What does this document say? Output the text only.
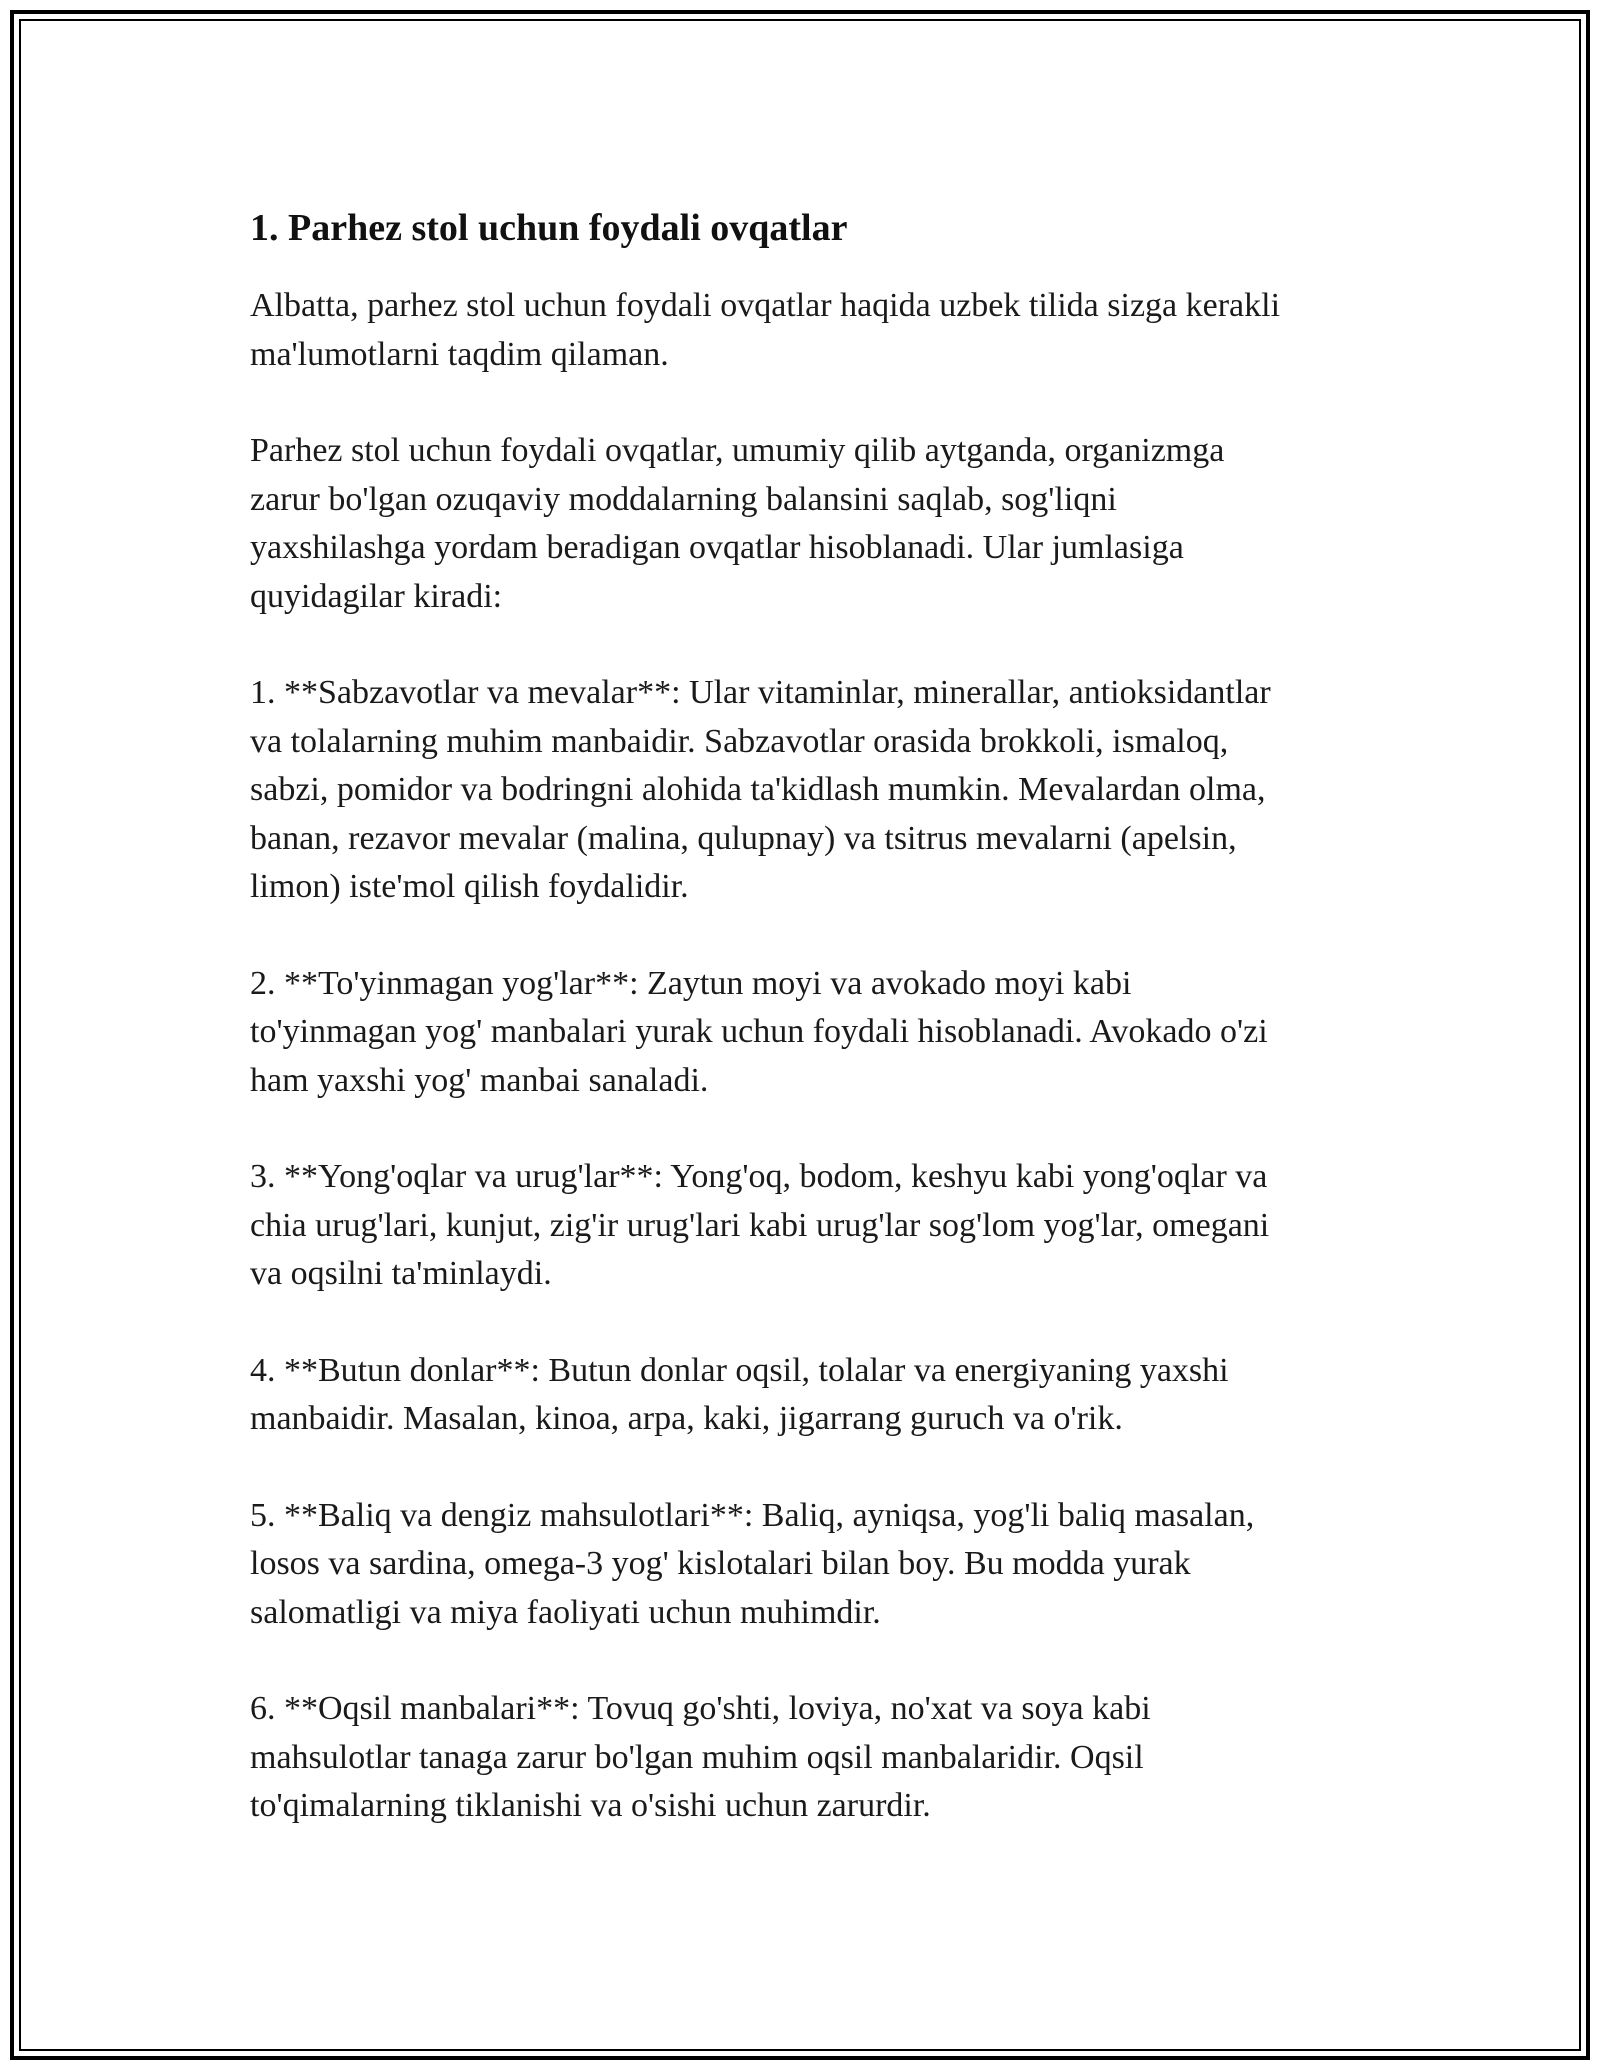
1. Parhez stol uchun foydali ovqatlar

Albatta, parhez stol uchun foydali ovqatlar haqida uzbek tilida sizga kerakli
ma'lumotlarni taqdim qilaman.

Parhez stol uchun foydali ovqatlar, umumiy qilib aytganda, organizmga
zarur bo'lgan ozuqaviy moddalarning balansini saqlab, sog'liqni
yaxshilashga yordam beradigan ovqatlar hisoblanadi. Ular jumlasiga
quyidagilar kiradi:

1. **Sabzavotlar va mevalar**: Ular vitaminlar, minerallar, antioksidantlar
va tolalarning muhim manbaidir. Sabzavotlar orasida brokkoli, ismaloq,
sabzi, pomidor va bodringni alohida ta'kidlash mumkin. Mevalardan olma,
banan, rezavor mevalar (malina, qulupnay) va tsitrus mevalarni (apelsin,
limon) iste'mol qilish foydalidir.

2. **To'yinmagan yog'lar**: Zaytun moyi va avokado moyi kabi
to'yinmagan yog' manbalari yurak uchun foydali hisoblanadi. Avokado o'zi
ham yaxshi yog' manbai sanaladi.

3. **Yong'oqlar va urug'lar**: Yong'oq, bodom, keshyu kabi yong'oqlar va
chia urug'lari, kunjut, zig'ir urug'lari kabi urug'lar sog'lom yog'lar, omegani
va oqsilni ta'minlaydi.

4. **Butun donlar**: Butun donlar oqsil, tolalar va energiyaning yaxshi
manbaidir. Masalan, kinoa, arpa, kaki, jigarrang guruch va o'rik.

5. **Baliq va dengiz mahsulotlari**: Baliq, ayniqsa, yog'li baliq masalan,
losos va sardina, omega-3 yog' kislotalari bilan boy. Bu modda yurak
salomatligi va miya faoliyati uchun muhimdir.

6. **Oqsil manbalari**: Tovuq go'shti, loviya, no'xat va soya kabi
mahsulotlar tanaga zarur bo'lgan muhim oqsil manbalaridir. Oqsil
to'qimalarning tiklanishi va o'sishi uchun zarurdir.
